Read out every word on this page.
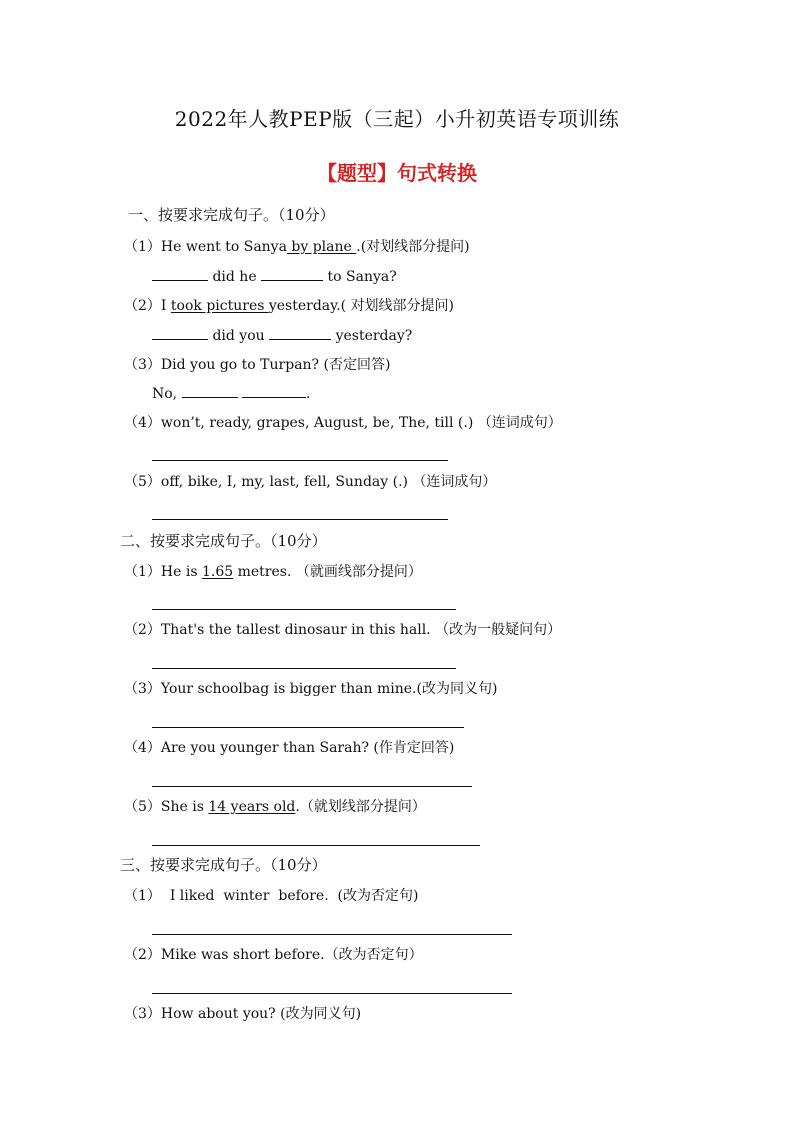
2022年人教PEP版（三起）小升初英语专项训练
【题型】句式转换
一、按要求完成句子。（10分）
（1）He went to Sanya by plane .(对划线部分提问)
did he	to Sanya?
（2）I took pictures yesterday.( 对划线部分提问)
did you	yesterday?
（3）Did you go to Turpan? (否定回答)
No,	.
（4）won’t, ready, grapes, August, be, The, till (.) （连词成句）
（5）off, bike, I, my, last, fell, Sunday (.) （连词成句）
二、按要求完成句子。（10分）
（1）He is 1.65 metres. （就画线部分提问）
（2）That's the tallest dinosaur in this hall. （改为一般疑问句）
（3）Your schoolbag is bigger than mine.(改为同义句)
（4）Are you younger than Sarah? (作肯定回答)
（5）She is 14 years old.（就划线部分提问）
三、按要求完成句子。（10分）
（1）  I liked  winter  before.  (改为否定句)
（2）Mike was short before.（改为否定句）
（3）How about you? (改为同义句)
